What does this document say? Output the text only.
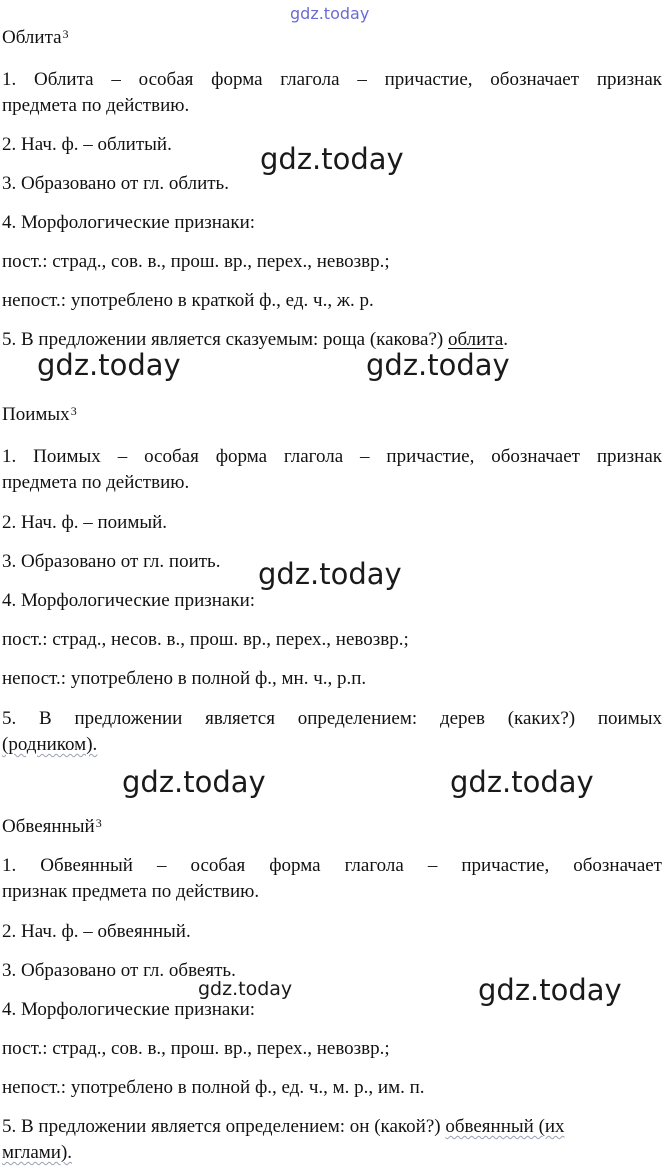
gdz.today
gdz.today
gdz.today	gdz.today
gdz.today
gdz.today	gdz.today
gdz.today	gdz.today
Облита$^3$
1. Облита – особая форма глагола – причастие, обозначает признак
предмета по действию.
2. Нач. ф. – облитый.
3. Образовано от гл. облить.
4. Морфологические признаки:
пост.: страд., сов. в., прош. вр., перех., невозвр.;
непост.: употреблено в краткой ф., ед. ч., ж. р.
5. В предложении является сказуемым: роща (какова?) облита.
Поимых$^3$
1. Поимых – особая форма глагола – причастие, обозначает признак
предмета по действию.
2. Нач. ф. – поимый.
3. Образовано от гл. поить.
4. Морфологические признаки:
пост.: страд., несов. в., прош. вр., перех., невозвр.;
непост.: употреблено в полной ф., мн. ч., р.п.
5. В предложении является определением: дерев (каких?) поимых
(родником).
Обвеянный$^3$
1. Обвеянный – особая форма глагола – причастие, обозначает
признак предмета по действию.
2. Нач. ф. – обвеянный.
3. Образовано от гл. обвеять.
4. Морфологические признаки:
пост.: страд., сов. в., прош. вр., перех., невозвр.;
непост.: употреблено в полной ф., ед. ч., м. р., им. п.
5. В предложении является определением: он (какой?) обвеянный (их
мглами).
